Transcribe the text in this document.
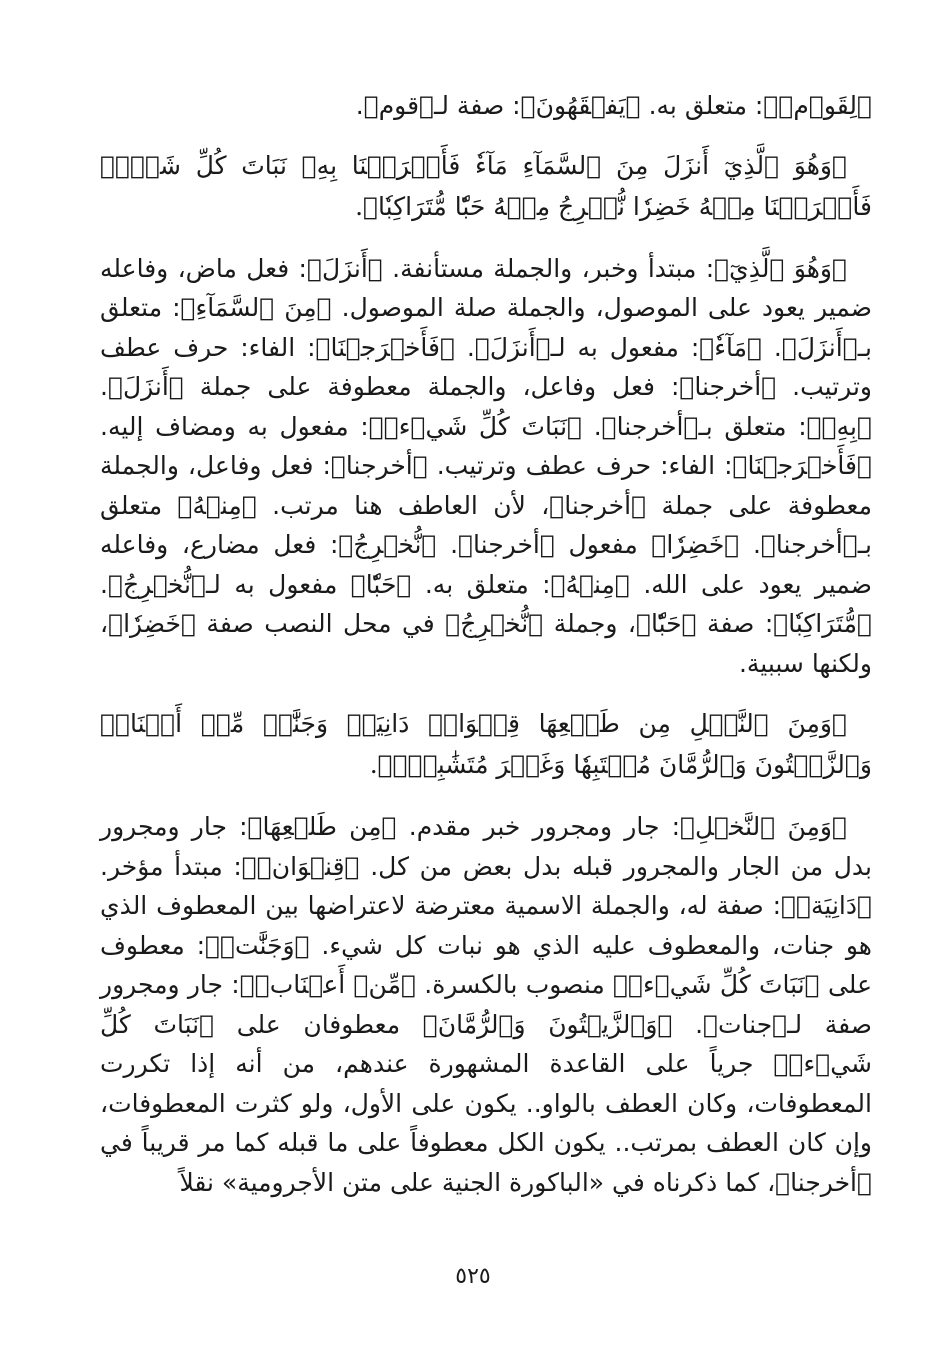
﴿لِقَوۡمٖ﴾: متعلق به. ﴿يَفۡقَهُونَ﴾: صفة لـ﴿قوم﴾.

﴿وَهُوَ ٱلَّذِيٓ أَنزَلَ مِنَ ٱلسَّمَآءِ مَآءٗ فَأَخۡرَجۡنَا بِهِۦ نَبَاتَ كُلِّ شَيۡءٖ فَأَخۡرَجۡنَا مِنۡهُ خَضِرٗا نُّخۡرِجُ مِنۡهُ حَبّٗا مُّتَرَاكِبٗا﴾.

﴿وَهُوَ ٱلَّذِيٓ﴾: مبتدأ وخبر، والجملة مستأنفة. ﴿أَنزَلَ﴾: فعل ماض، وفاعله ضمير يعود على الموصول، والجملة صلة الموصول. ﴿مِنَ ٱلسَّمَآءِ﴾: متعلق بـ﴿أَنزَلَ﴾. ﴿مَآءٗ﴾: مفعول به لـ﴿أَنزَلَ﴾. ﴿فَأَخۡرَجۡنَا﴾: الفاء: حرف عطف وترتيب. ﴿أخرجنا﴾: فعل وفاعل، والجملة معطوفة على جملة ﴿أَنزَلَ﴾. ﴿بِهِۦ﴾: متعلق بـ﴿أخرجنا﴾. ﴿نَبَاتَ كُلِّ شَيۡءٖ﴾: مفعول به ومضاف إليه. ﴿فَأَخۡرَجۡنَا﴾: الفاء: حرف عطف وترتيب. ﴿أخرجنا﴾: فعل وفاعل، والجملة معطوفة على جملة ﴿أخرجنا﴾، لأن العاطف هنا مرتب. ﴿مِنۡهُ﴾ متعلق بـ﴿أخرجنا﴾. ﴿خَضِرٗا﴾ مفعول ﴿أخرجنا﴾. ﴿نُّخۡرِجُ﴾: فعل مضارع، وفاعله ضمير يعود على الله. ﴿مِنۡهُ﴾: متعلق به. ﴿حَبّٗا﴾ مفعول به لـ﴿نُّخۡرِجُ﴾. ﴿مُّتَرَاكِبٗا﴾: صفة ﴿حَبّٗا﴾، وجملة ﴿نُّخۡرِجُ﴾ في محل النصب صفة ﴿خَضِرٗا﴾، ولكنها سببية.

﴿وَمِنَ ٱلنَّخۡلِ مِن طَلۡعِهَا قِنۡوَانٞ دَانِيَةٞ وَجَنَّٰتٖ مِّنۡ أَعۡنَابٖ وَٱلزَّيۡتُونَ وَٱلرُّمَّانَ مُشۡتَبِهٗا وَغَيۡرَ مُتَشَٰبِهٍۗ﴾.

﴿وَمِنَ ٱلنَّخۡلِ﴾: جار ومجرور خبر مقدم. ﴿مِن طَلۡعِهَا﴾: جار ومجرور بدل من الجار والمجرور قبله بدل بعض من كل. ﴿قِنۡوَانٞ﴾: مبتدأ مؤخر. ﴿دَانِيَةٞ﴾: صفة له، والجملة الاسمية معترضة لاعتراضها بين المعطوف الذي هو جنات، والمعطوف عليه الذي هو نبات كل شيء. ﴿وَجَنَّٰتٖ﴾: معطوف على ﴿نَبَاتَ كُلِّ شَيۡءٖ﴾ منصوب بالكسرة. ﴿مِّنۡ أَعۡنَابٖ﴾: جار ومجرور صفة لـ﴿جنات﴾. ﴿وَٱلزَّيۡتُونَ وَٱلرُّمَّانَ﴾ معطوفان على ﴿نَبَاتَ كُلِّ شَيۡءٖ﴾ جرياً على القاعدة المشهورة عندهم، من أنه إذا تكررت المعطوفات، وكان العطف بالواو.. يكون على الأول، ولو كثرت المعطوفات، وإن كان العطف بمرتب.. يكون الكل معطوفاً على ما قبله كما مر قريباً في ﴿أخرجنا﴾، كما ذكرناه في «الباكورة الجنية على متن الأجرومية» نقلاً

٥٢٥
